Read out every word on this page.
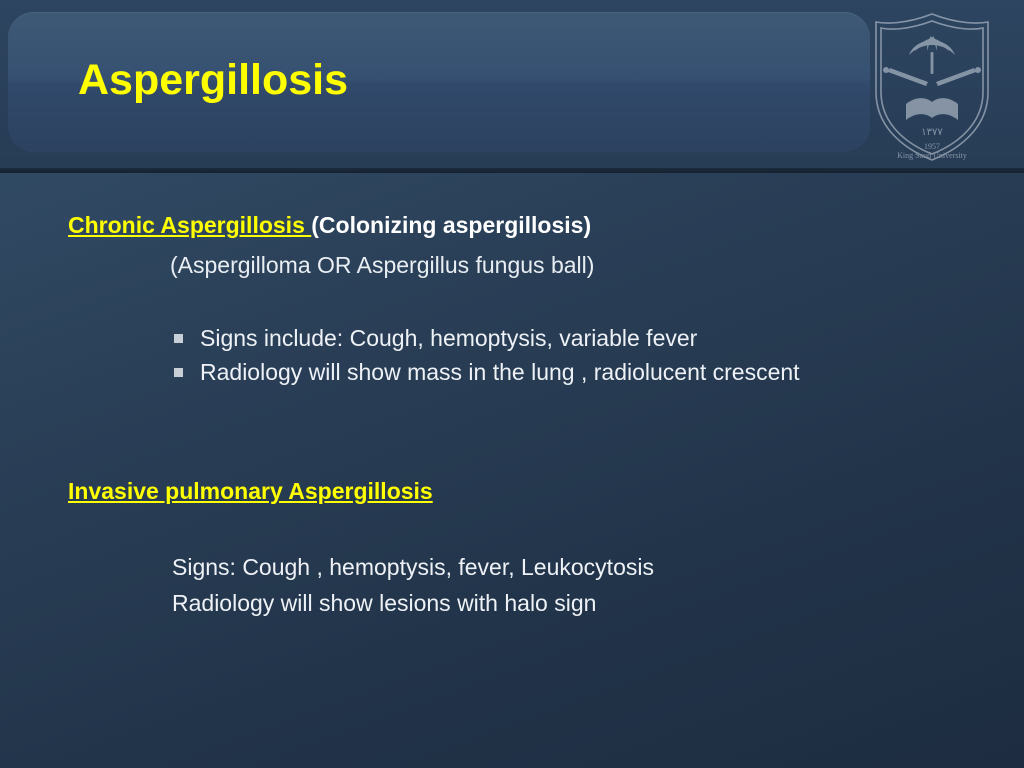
Aspergillosis
١٣٧٧
1957
King Saud University
Chronic Aspergillosis (Colonizing aspergillosis)
(Aspergilloma OR Aspergillus fungus ball)
Signs include: Cough, hemoptysis, variable fever
Radiology will show mass in the lung , radiolucent crescent
Invasive pulmonary Aspergillosis
Signs: Cough , hemoptysis, fever, Leukocytosis
Radiology will show lesions with halo sign
